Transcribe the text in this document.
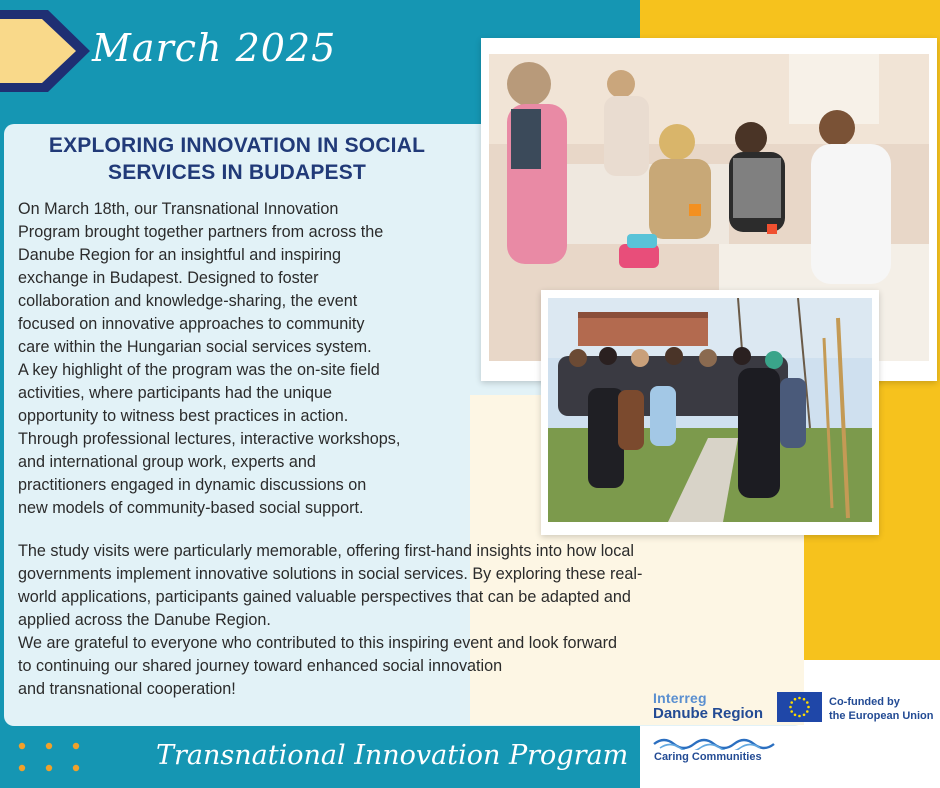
March 2025
EXPLORING INNOVATION IN SOCIAL
SERVICES IN BUDAPEST

On March 18th, our Transnational Innovation
Program brought together partners from across the
Danube Region for an insightful and inspiring
exchange in Budapest. Designed to foster
collaboration and knowledge-sharing, the event
focused on innovative approaches to community
care within the Hungarian social services system.
A key highlight of the program was the on-site field
activities, where participants had the unique
opportunity to witness best practices in action.
Through professional lectures, interactive workshops,
and international group work, experts and
practitioners engaged in dynamic discussions on
new models of community-based social support.

The study visits were particularly memorable, offering first-hand insights into how local
governments implement innovative solutions in social services. By exploring these real-
world applications, participants gained valuable perspectives that can be adapted and
applied across the Danube Region.
We are grateful to everyone who contributed to this inspiring event and look forward
to continuing our shared journey toward enhanced social innovation
and transnational cooperation!

Transnational Innovation Program
Interreg
Danube Region
Co-funded by
the European Union
Caring Communities
